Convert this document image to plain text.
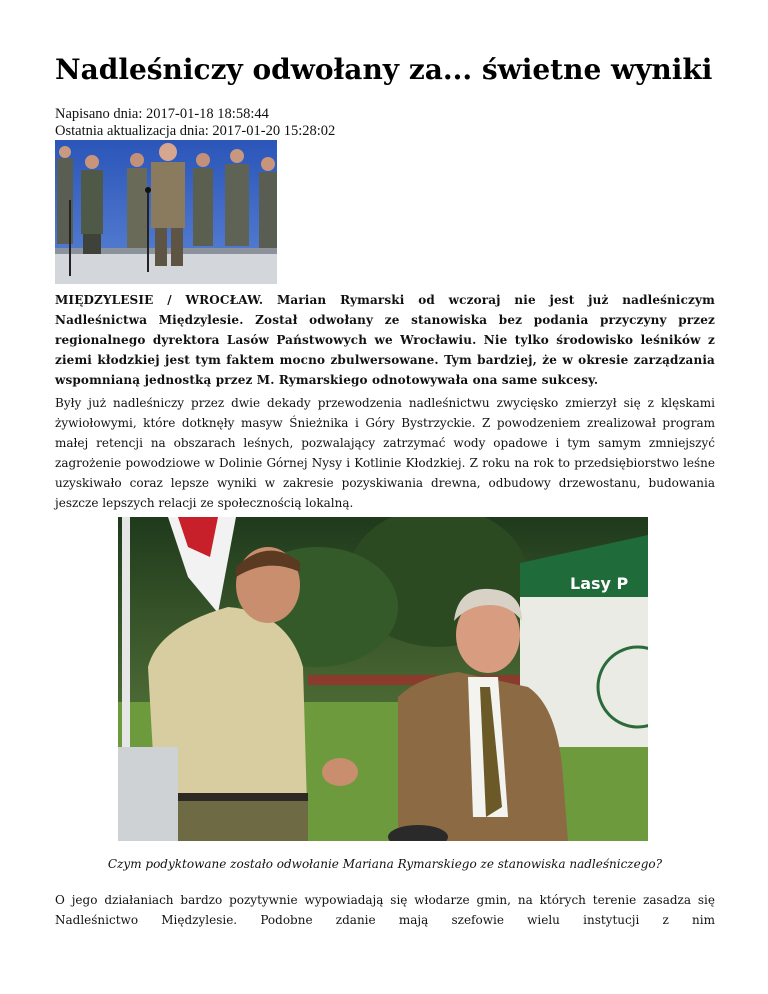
Nadleśniczy odwołany za... świetne wyniki
Napisano dnia: 2017-01-18 18:58:44
Ostatnia aktualizacja dnia: 2017-01-20 15:28:02

MIĘDZYLESIE / WROCŁAW. Marian Rymarski od wczoraj nie jest już nadleśniczym Nadleśnictwa Międzylesie. Został odwołany ze stanowiska bez podania przyczyny przez regionalnego dyrektora Lasów Państwowych we Wrocławiu. Nie tylko środowisko leśników z ziemi kłodzkiej jest tym faktem mocno zbulwersowane. Tym bardziej, że w okresie zarządzania wspomnianą jednostką przez M. Rymarskiego odnotowywała ona same sukcesy.

Były już nadleśniczy przez dwie dekady przewodzenia nadleśnictwu zwycięsko zmierzył się z klęskami żywiołowymi, które dotknęły masyw Śnieżnika i Góry Bystrzyckie. Z powodzeniem zrealizował program małej retencji na obszarach leśnych, pozwalający zatrzymać wody opadowe i tym samym zmniejszyć zagrożenie powodziowe w Dolinie Górnej Nysy i Kotlinie Kłodzkiej. Z roku na rok to przedsiębiorstwo leśne uzyskiwało coraz lepsze wyniki w zakresie pozyskiwania drewna, odbudowy drzewostanu, budowania jeszcze lepszych relacji ze społecznością lokalną.

Czym podyktowane zostało odwołanie Mariana Rymarskiego ze stanowiska nadleśniczego?

O jego działaniach bardzo pozytywnie wypowiadają się włodarze gmin, na których terenie zasadza się Nadleśnictwo Międzylesie. Podobne zdanie mają szefowie wielu instytucji z nim

Lasy P
